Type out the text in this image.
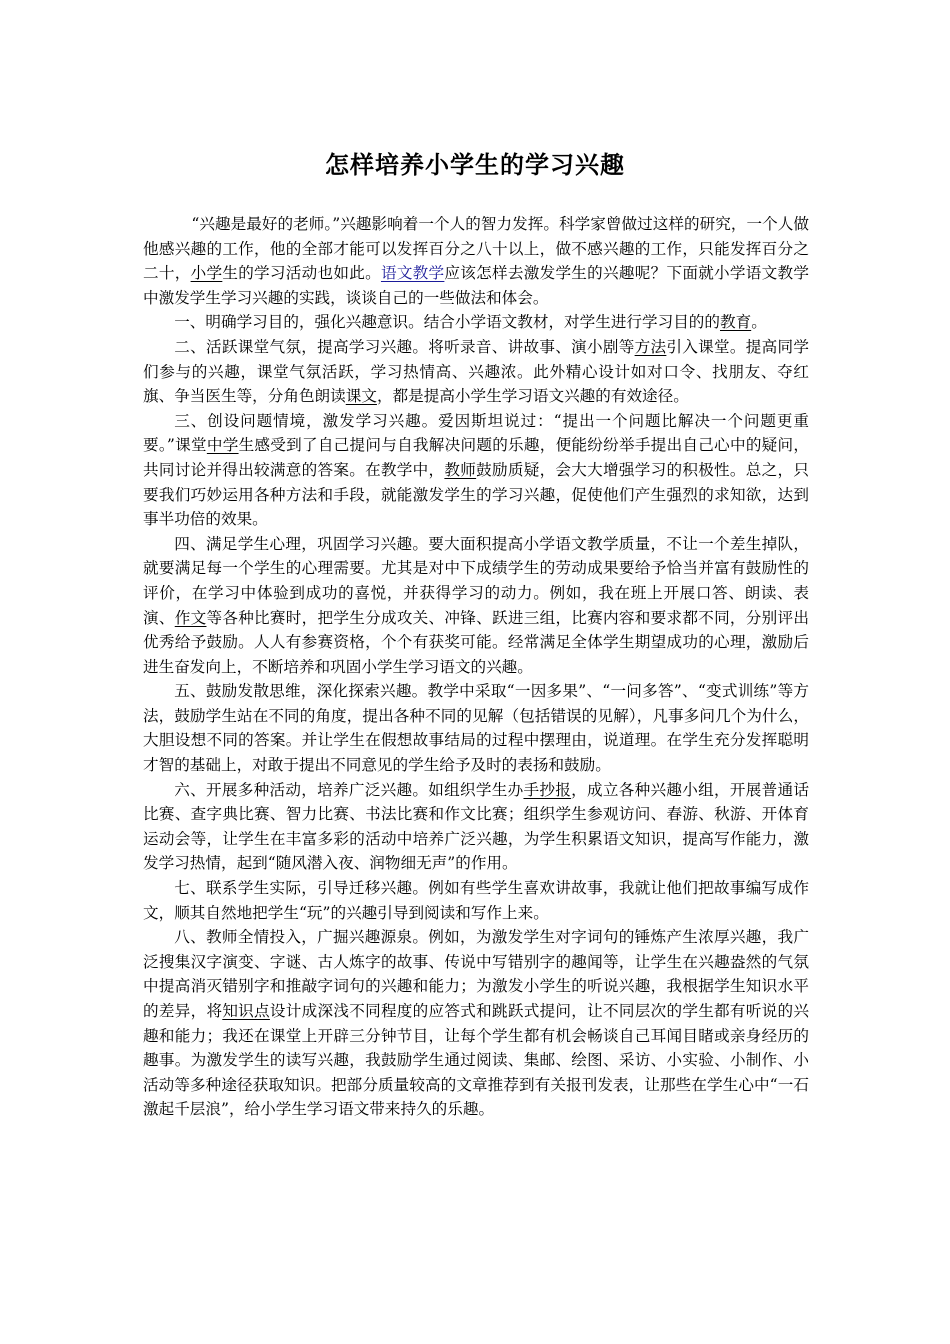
怎样培养小学生的学习兴趣

“兴趣是最好的老师。”兴趣影响着一个人的智力发挥。科学家曾做过这样的研究，一个人做他感兴趣的工作，他的全部才能可以发挥百分之八十以上，做不感兴趣的工作，只能发挥百分之二十，小学生的学习活动也如此。语文教学应该怎样去激发学生的兴趣呢？下面就小学语文教学中激发学生学习兴趣的实践，谈谈自己的一些做法和体会。

一、明确学习目的，强化兴趣意识。结合小学语文教材，对学生进行学习目的的教育。

二、活跃课堂气氛，提高学习兴趣。将听录音、讲故事、演小剧等方法引入课堂。提高同学们参与的兴趣，课堂气氛活跃，学习热情高、兴趣浓。此外精心设计如对口令、找朋友、夺红旗、争当医生等，分角色朗读课文，都是提高小学生学习语文兴趣的有效途径。

三、创设问题情境，激发学习兴趣。爱因斯坦说过：“提出一个问题比解决一个问题更重要。”课堂中学生感受到了自己提问与自我解决问题的乐趣，便能纷纷举手提出自己心中的疑问，共同讨论并得出较满意的答案。在教学中，教师鼓励质疑，会大大增强学习的积极性。总之，只要我们巧妙运用各种方法和手段，就能激发学生的学习兴趣，促使他们产生强烈的求知欲，达到事半功倍的效果。

四、满足学生心理，巩固学习兴趣。要大面积提高小学语文教学质量，不让一个差生掉队，就要满足每一个学生的心理需要。尤其是对中下成绩学生的劳动成果要给予恰当并富有鼓励性的评价，在学习中体验到成功的喜悦，并获得学习的动力。例如，我在班上开展口答、朗读、表演、作文等各种比赛时，把学生分成攻关、冲锋、跃进三组，比赛内容和要求都不同，分别评出优秀给予鼓励。人人有参赛资格，个个有获奖可能。经常满足全体学生期望成功的心理，激励后进生奋发向上，不断培养和巩固小学生学习语文的兴趣。

五、鼓励发散思维，深化探索兴趣。教学中采取“一因多果”、“一问多答”、“变式训练”等方法，鼓励学生站在不同的角度，提出各种不同的见解（包括错误的见解），凡事多问几个为什么，大胆设想不同的答案。并让学生在假想故事结局的过程中摆理由，说道理。在学生充分发挥聪明才智的基础上，对敢于提出不同意见的学生给予及时的表扬和鼓励。

六、开展多种活动，培养广泛兴趣。如组织学生办手抄报，成立各种兴趣小组，开展普通话比赛、查字典比赛、智力比赛、书法比赛和作文比赛；组织学生参观访问、春游、秋游、开体育运动会等，让学生在丰富多彩的活动中培养广泛兴趣，为学生积累语文知识，提高写作能力，激发学习热情，起到“随风潜入夜、润物细无声”的作用。

七、联系学生实际，引导迁移兴趣。例如有些学生喜欢讲故事，我就让他们把故事编写成作文，顺其自然地把学生“玩”的兴趣引导到阅读和写作上来。

八、教师全情投入，广掘兴趣源泉。例如，为激发学生对字词句的锤炼产生浓厚兴趣，我广泛搜集汉字演变、字谜、古人炼字的故事、传说中写错别字的趣闻等，让学生在兴趣盎然的气氛中提高消灭错别字和推敲字词句的兴趣和能力；为激发小学生的听说兴趣，我根据学生知识水平的差异，将知识点设计成深浅不同程度的应答式和跳跃式提问，让不同层次的学生都有听说的兴趣和能力；我还在课堂上开辟三分钟节目，让每个学生都有机会畅谈自己耳闻目睹或亲身经历的趣事。为激发学生的读写兴趣，我鼓励学生通过阅读、集邮、绘图、采访、小实验、小制作、小活动等多种途径获取知识。把部分质量较高的文章推荐到有关报刊发表，让那些在学生心中“一石激起千层浪”，给小学生学习语文带来持久的乐趣。
